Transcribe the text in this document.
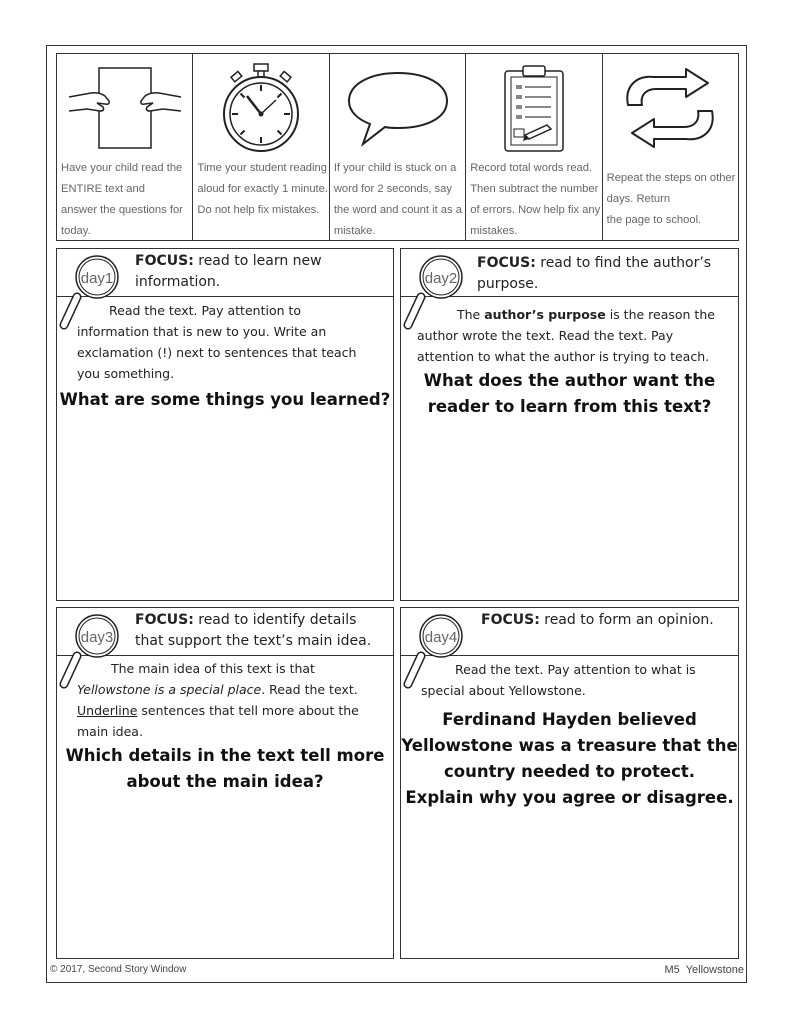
Have your child read the
ENTIRE text and
answer the questions for
today.
Time your student reading
aloud for exactly 1 minute.
Do not help fix mistakes.
If your child is stuck on a
word for 2 seconds, say
the word and count it as a
mistake.
Record total words read.
Then subtract the number
of errors. Now help fix any
mistakes.
Repeat the steps on other
days. Return
the page to school.
day1
FOCUS: read to learn new
information.
Read the text. Pay attention to
information that is new to you. Write an
exclamation (!) next to sentences that teach
you something.
What are some things you learned?
day2
FOCUS: read to find the author’s
purpose.
The author’s purpose is the reason the
author wrote the text. Read the text. Pay
attention to what the author is trying to teach.
What does the author want the
reader to learn from this text?
day3
FOCUS: read to identify details
that support the text’s main idea.
The main idea of this text is that
Yellowstone is a special place. Read the text.
Underline sentences that tell more about the
main idea.
Which details in the text tell more
about the main idea?
day4
FOCUS: read to form an opinion.
Read the text. Pay attention to what is
special about Yellowstone.
Ferdinand Hayden believed
Yellowstone was a treasure that the
country needed to protect.
Explain why you agree or disagree.
© 2017, Second Story Window	M5 Yellowstone
